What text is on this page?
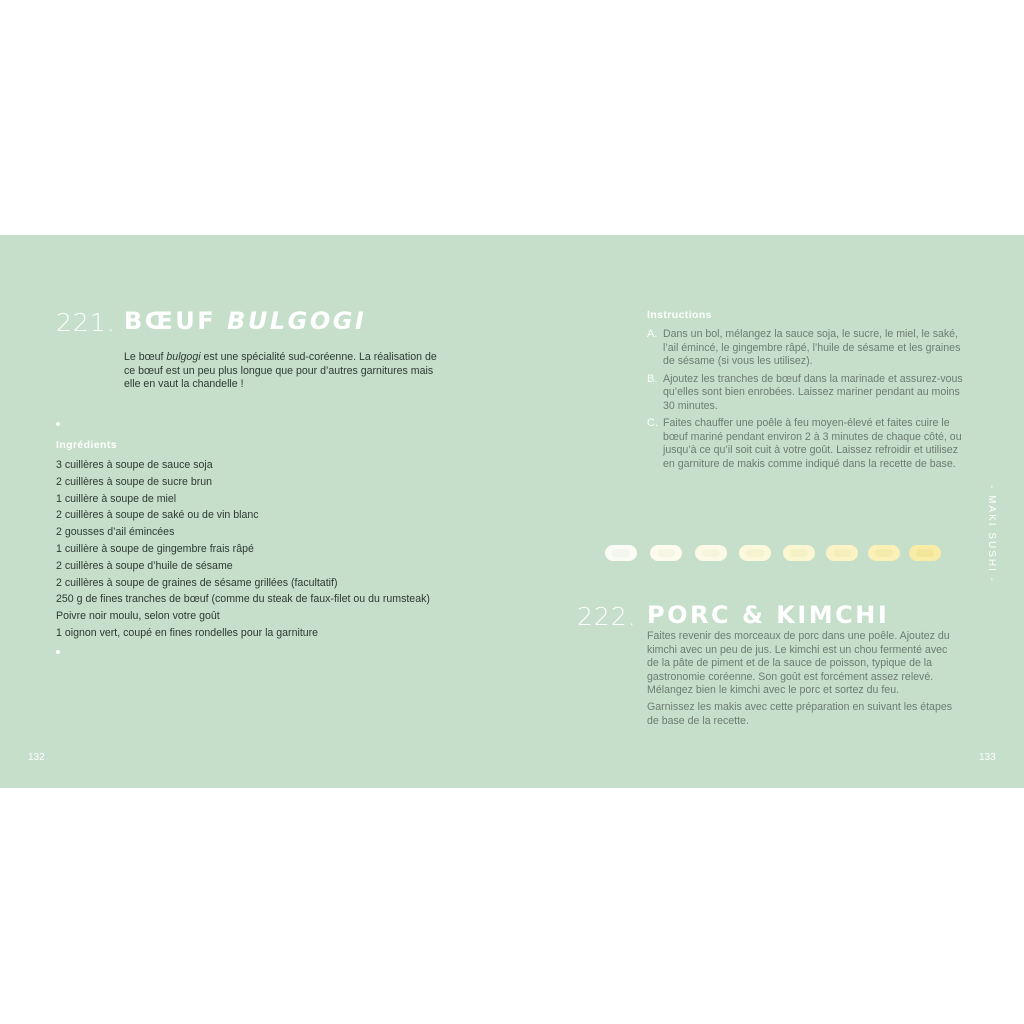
221. BŒUF BULGOGI
Le bœuf bulgogi est une spécialité sud-coréenne. La réalisation de ce bœuf est un peu plus longue que pour d’autres garnitures mais elle en vaut la chandelle !
Ingrédients
3 cuillères à soupe de sauce soja
2 cuillères à soupe de sucre brun
1 cuillère à soupe de miel
2 cuillères à soupe de saké ou de vin blanc
2 gousses d’ail émincées
1 cuillère à soupe de gingembre frais râpé
2 cuillères à soupe d’huile de sésame
2 cuillères à soupe de graines de sésame grillées (facultatif)
250 g de fines tranches de bœuf (comme du steak de faux-filet ou du rumsteak)
Poivre noir moulu, selon votre goût
1 oignon vert, coupé en fines rondelles pour la garniture
132
Instructions
A. Dans un bol, mélangez la sauce soja, le sucre, le miel, le saké, l’ail émincé, le gingembre râpé, l’huile de sésame et les graines de sésame (si vous les utilisez).
B. Ajoutez les tranches de bœuf dans la marinade et assurez-vous qu’elles sont bien enrobées. Laissez mariner pendant au moins 30 minutes.
C. Faites chauffer une poêle à feu moyen-élevé et faites cuire le bœuf mariné pendant environ 2 à 3 minutes de chaque côté, ou jusqu’à ce qu’il soit cuit à votre goût. Laissez refroidir et utilisez en garniture de makis comme indiqué dans la recette de base.
- MAKI SUSHI -
222. PORC & KIMCHI
Faites revenir des morceaux de porc dans une poêle. Ajoutez du kimchi avec un peu de jus. Le kimchi est un chou fermenté avec de la pâte de piment et de la sauce de poisson, typique de la gastronomie coréenne. Son goût est forcément assez relevé. Mélangez bien le kimchi avec le porc et sortez du feu.
Garnissez les makis avec cette préparation en suivant les étapes de base de la recette.
133
